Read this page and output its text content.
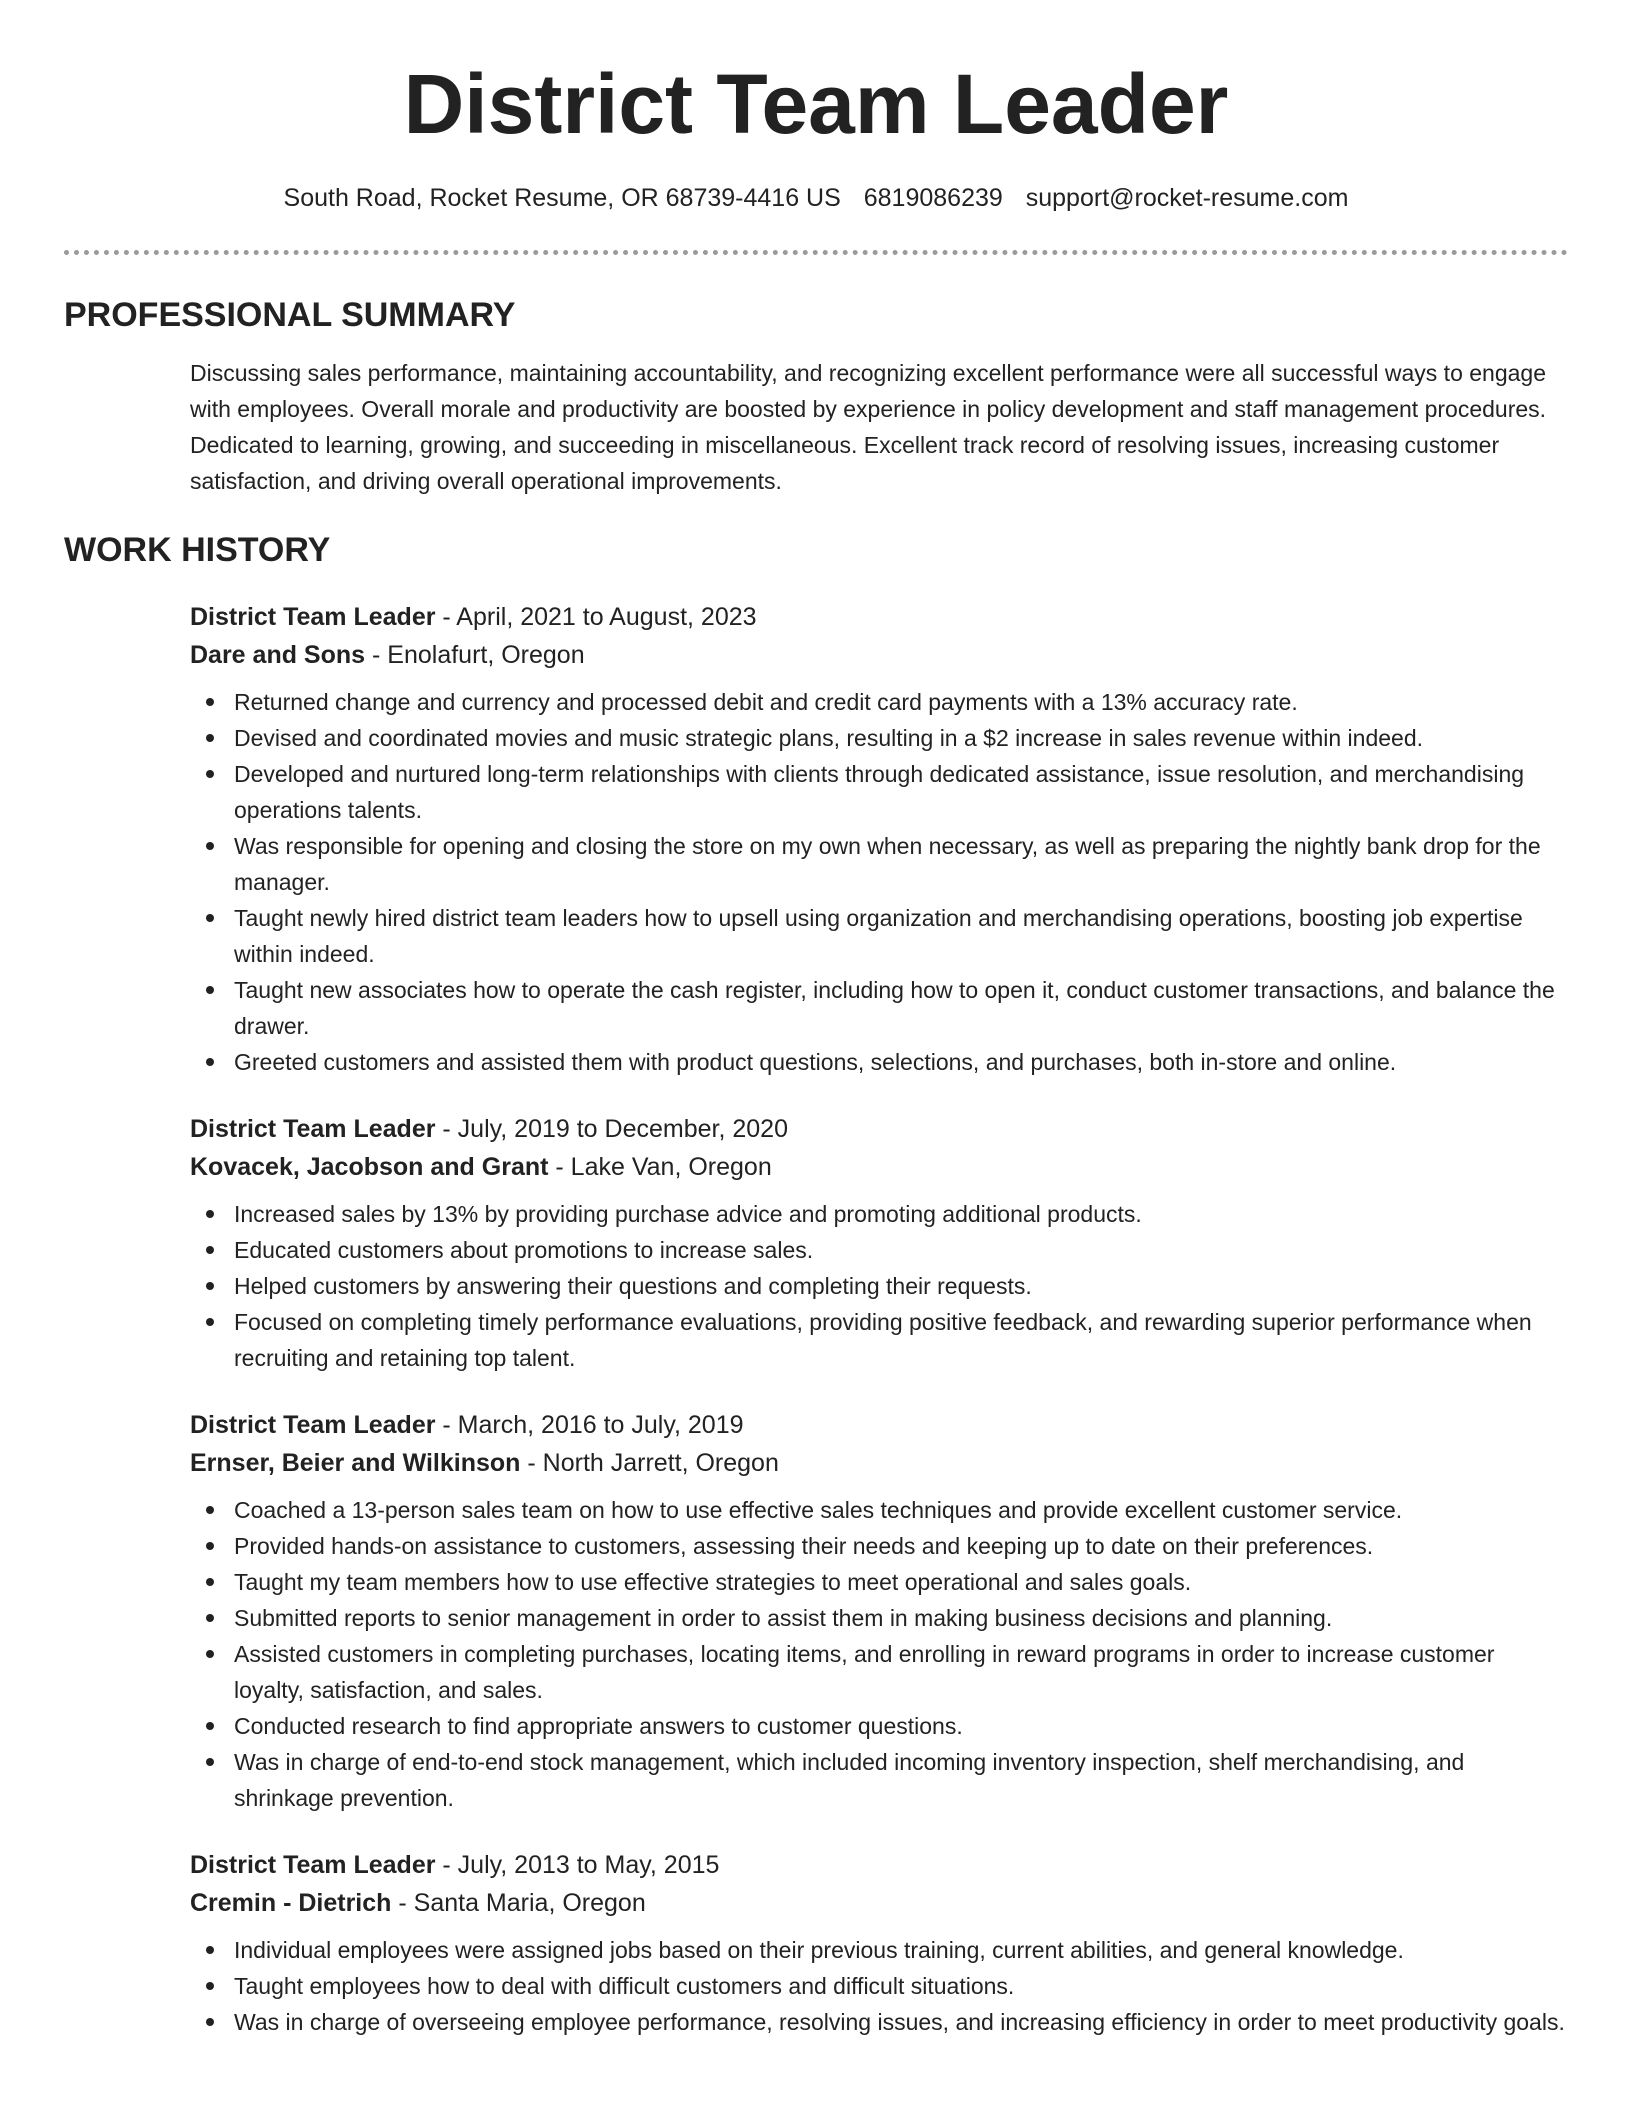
District Team Leader
South Road, Rocket Resume, OR 68739-4416 US 6819086239 support@rocket-resume.com
PROFESSIONAL SUMMARY

Discussing sales performance, maintaining accountability, and recognizing excellent performance were all successful ways to engage with employees. Overall morale and productivity are boosted by experience in policy development and staff management procedures. Dedicated to learning, growing, and succeeding in miscellaneous. Excellent track record of resolving issues, increasing customer satisfaction, and driving overall operational improvements.

WORK HISTORY
District Team Leader - April, 2021 to August, 2023
Dare and Sons - Enolafurt, Oregon
Returned change and currency and processed debit and credit card payments with a 13% accuracy rate.
Devised and coordinated movies and music strategic plans, resulting in a $2 increase in sales revenue within indeed.
Developed and nurtured long-term relationships with clients through dedicated assistance, issue resolution, and merchandising operations talents.
Was responsible for opening and closing the store on my own when necessary, as well as preparing the nightly bank drop for the manager.
Taught newly hired district team leaders how to upsell using organization and merchandising operations, boosting job expertise within indeed.
Taught new associates how to operate the cash register, including how to open it, conduct customer transactions, and balance the drawer.
Greeted customers and assisted them with product questions, selections, and purchases, both in-store and online.
District Team Leader - July, 2019 to December, 2020
Kovacek, Jacobson and Grant - Lake Van, Oregon
Increased sales by 13% by providing purchase advice and promoting additional products.
Educated customers about promotions to increase sales.
Helped customers by answering their questions and completing their requests.
Focused on completing timely performance evaluations, providing positive feedback, and rewarding superior performance when recruiting and retaining top talent.
District Team Leader - March, 2016 to July, 2019
Ernser, Beier and Wilkinson - North Jarrett, Oregon
Coached a 13-person sales team on how to use effective sales techniques and provide excellent customer service.
Provided hands-on assistance to customers, assessing their needs and keeping up to date on their preferences.
Taught my team members how to use effective strategies to meet operational and sales goals.
Submitted reports to senior management in order to assist them in making business decisions and planning.
Assisted customers in completing purchases, locating items, and enrolling in reward programs in order to increase customer loyalty, satisfaction, and sales.
Conducted research to find appropriate answers to customer questions.
Was in charge of end-to-end stock management, which included incoming inventory inspection, shelf merchandising, and shrinkage prevention.
District Team Leader - July, 2013 to May, 2015
Cremin - Dietrich - Santa Maria, Oregon
Individual employees were assigned jobs based on their previous training, current abilities, and general knowledge.
Taught employees how to deal with difficult customers and difficult situations.
Was in charge of overseeing employee performance, resolving issues, and increasing efficiency in order to meet productivity goals.
